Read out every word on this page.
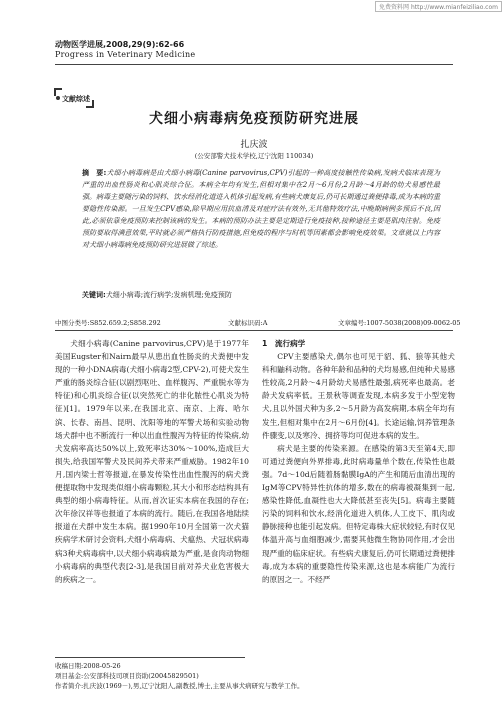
免费资料网 http://www.mianfeiziliao.com
动物医学进展,2008,29(9):62-66
Progress in Veterinary Medicine
文献综述
犬细小病毒病免疫预防研究进展
扎庆波
(公安部警犬技术学校,辽宁沈阳 110034)
摘　要:犬细小病毒病是由犬细小病毒(Canine parvovirus,CPV)引起的一种高度接触性传染病,发病犬临床表现为严重的出血性肠炎和心肌炎综合征。本病全年均有发生,但相对集中在2月～6月份,2月龄～4月龄的幼犬易感性最强。病毒主要随污染的饲料、饮水经消化道进入机体引起发病,有些病犬康复后,仍可长期通过粪便排毒,成为本病的重要隐性传染源。一旦发生CPV感染,除早期应用抗血清及对症疗法有效外,无其他特效疗法,中晚期病例多预后不良,因此,必须依靠免疫预防来控制该病的发生。本病的预防办法主要是定期进行免疫接种,接种途径主要是肌肉注射。免疫预防要取得满意效果,平时就必须严格执行防疫措施,但免疫的程序与时机等因素都会影响免疫效果。文章就以上内容对犬细小病毒病免疫预防研究进展做了综述。
关键词:犬细小病毒;流行病学;发病机理;免疫预防
中图分类号:S852.659.2;S858.292	文献标识码:A	文章编号:1007-5038(2008)09-0062-05

犬细小病毒(Canine parvovirus,CPV)是于1977年美国Eugster和Nairn最早从患出血性肠炎的犬粪便中发现的一种小DNA病毒(犬细小病毒2型,CPV-2),可使犬发生严重的肠炎综合征(以剧烈呕吐、血样腹泻、严重脱水等为特征)和心肌炎综合征(以突然死亡的非化脓性心肌炎为特征)[1]。1979年以来,在我国北京、南京、上海、哈尔滨、长春、南昌、昆明、沈阳等地的军警犬场和实验动物场犬群中也不断流行一种以出血性腹泻为特征的传染病,幼犬发病率高达50%以上,致死率达30%～100%,造成巨大损失,给我国军警犬及民间养犬带来严重威胁。1982年10月,国内梁士哲等报道,在暴发传染性出血性腹泻的病犬粪便提取物中发现类似细小病毒颗粒,其大小和形态结构具有典型的细小病毒特征。从而,首次证实本病在我国的存在;次年徐汉祥等也报道了本病的流行。随后,在我国各地陆续报道在犬群中发生本病。据1990年10月全国第一次犬猫疾病学术研讨会资料,犬细小病毒病、犬瘟热、犬冠状病毒病3种犬病毒病中,以犬细小病毒病最为严重,是食肉动物细小病毒病的典型代表[2-3],是我国目前对养犬业危害极大的疾病之一。

1　流行病学

CPV主要感染犬,偶尔也可见于貂、狐、狼等其他犬科和鼬科动物。各种年龄和品种的犬均易感,但纯种犬易感性较高,2月龄～4月龄幼犬易感性最强,病死率也最高。老龄犬发病率低。王景秋等调查发现,本病多发于小型宠物犬,且以外国犬种为多,2～5月龄为高发病期,本病全年均有发生,但相对集中在2月～6月份[4]。长途运输,饲养管理条件骤变,以及寒冷、拥挤等均可促进本病的发生。

病犬是主要的传染来源。在感染的第3天至第4天,即可通过粪便向外界排毒,此时病毒量单个数在,传染性也最强。7d～10d后随着肠黏膜IgA的产生和随后血清出现的IgM等CPV特异性抗体的增多,数在的病毒被凝集到一起,感染性降低,血凝性也大大降低甚至丧失[5]。病毒主要随污染的饲料和饮水,经消化道进入机体,人工皮下、肌肉或静脉接种也能引起发病。但特定毒株大症状较轻,有时仅见体温升高与血细胞减少,需要其他微生物协同作用,才会出现严重的临床症状。有些病犬康复后,仍可长期通过粪便排毒,成为本病的重要隐性传染来源,这也是本病能广为流行的原因之一。不经严

收稿日期:2008-05-26
项目基金:公安部科技司项目资助(20045829501)
作者简介:扎庆波(1969－),男,辽宁沈阳人,副教授,博士,主要从事犬病研究与教学工作。
